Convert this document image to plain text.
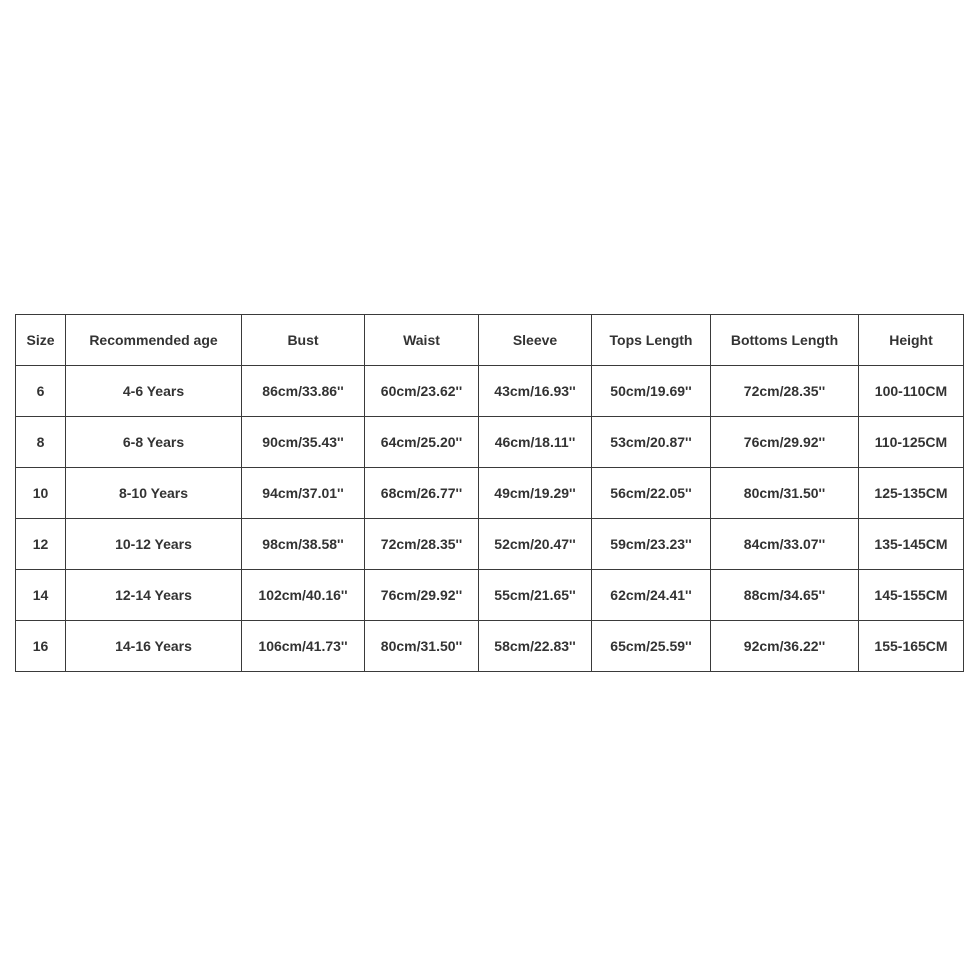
Size	Recommended age	Bust	Waist	Sleeve	Tops Length	Bottoms Length	Height
6	4-6 Years	86cm/33.86''	60cm/23.62''	43cm/16.93''	50cm/19.69''	72cm/28.35''	100-110CM
8	6-8 Years	90cm/35.43''	64cm/25.20''	46cm/18.11''	53cm/20.87''	76cm/29.92''	110-125CM
10	8-10 Years	94cm/37.01''	68cm/26.77''	49cm/19.29''	56cm/22.05''	80cm/31.50''	125-135CM
12	10-12 Years	98cm/38.58''	72cm/28.35''	52cm/20.47''	59cm/23.23''	84cm/33.07''	135-145CM
14	12-14 Years	102cm/40.16''	76cm/29.92''	55cm/21.65''	62cm/24.41''	88cm/34.65''	145-155CM
16	14-16 Years	106cm/41.73''	80cm/31.50''	58cm/22.83''	65cm/25.59''	92cm/36.22''	155-165CM
